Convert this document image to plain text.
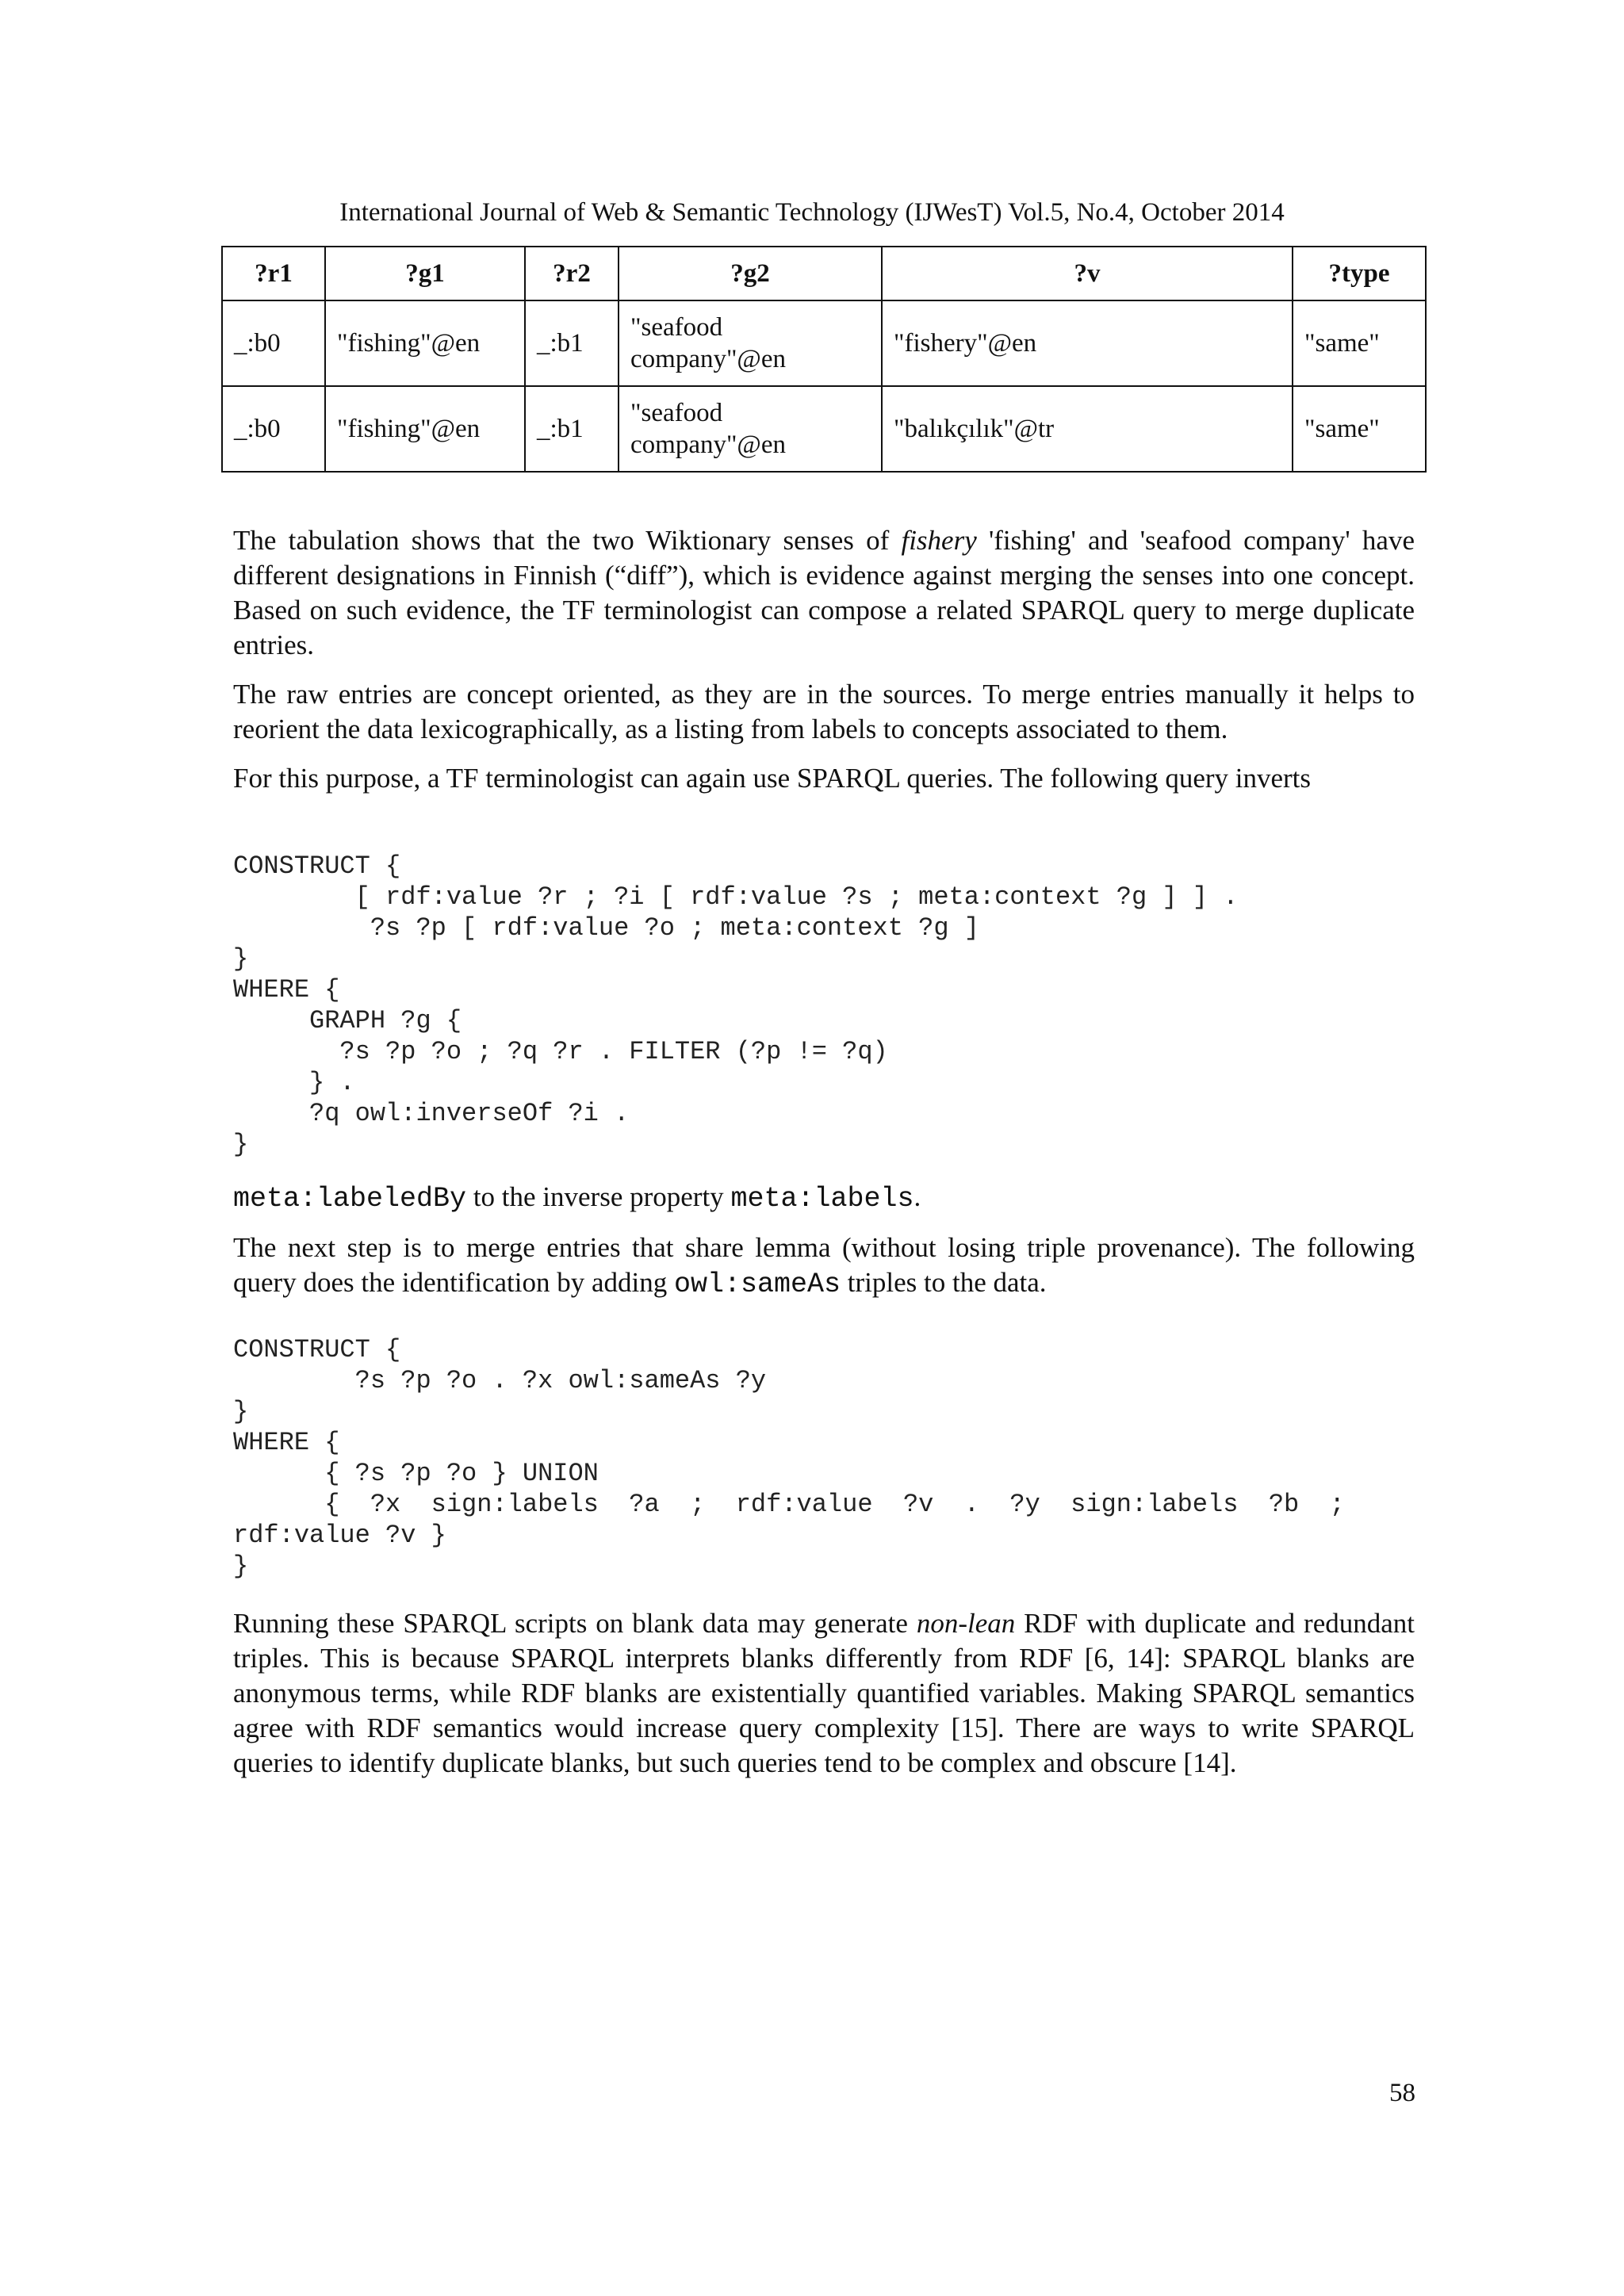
International Journal of Web & Semantic Technology (IJWesT) Vol.5, No.4, October 2014
?r1	?g1	?r2	?g2	?v	?type
_:b0	"fishing"@en	_:b1	"seafood company"@en	"fishery"@en	"same"
_:b0	"fishing"@en	_:b1	"seafood company"@en	"balıkçılık"@tr	"same"

The tabulation shows that the two Wiktionary senses of fishery 'fishing' and 'seafood company' have different designations in Finnish (“diff”), which is evidence against merging the senses into one concept. Based on such evidence, the TF terminologist can compose a related SPARQL query to merge duplicate entries.

The raw entries are concept oriented, as they are in the sources. To merge entries manually it helps to reorient the data lexicographically, as a listing from labels to concepts associated to them.

For this purpose, a TF terminologist can again use SPARQL queries. The following query inverts

CONSTRUCT {
[ rdf:value ?r ; ?i [ rdf:value ?s ; meta:context ?g ] ] .
?s ?p [ rdf:value ?o ; meta:context ?g ]
}
WHERE {
GRAPH ?g {
?s ?p ?o ; ?q ?r . FILTER (?p != ?q)
} .
?q owl:inverseOf ?i .
}

meta:labeledBy to the inverse property meta:labels.

The next step is to merge entries that share lemma (without losing triple provenance). The following query does the identification by adding owl:sameAs triples to the data.

CONSTRUCT {
?s ?p ?o . ?x owl:sameAs ?y
}
WHERE {
{ ?s ?p ?o } UNION
{  ?x  sign:labels  ?a  ;  rdf:value  ?v  .  ?y  sign:labels  ?b  ;
rdf:value ?v }
}

Running these SPARQL scripts on blank data may generate non-lean RDF with duplicate and redundant triples. This is because SPARQL interprets blanks differently from RDF [6, 14]: SPARQL blanks are anonymous terms, while RDF blanks are existentially quantified variables. Making SPARQL semantics agree with RDF semantics would increase query complexity [15]. There are ways to write SPARQL queries to identify duplicate blanks, but such queries tend to be complex and obscure [14].

58
